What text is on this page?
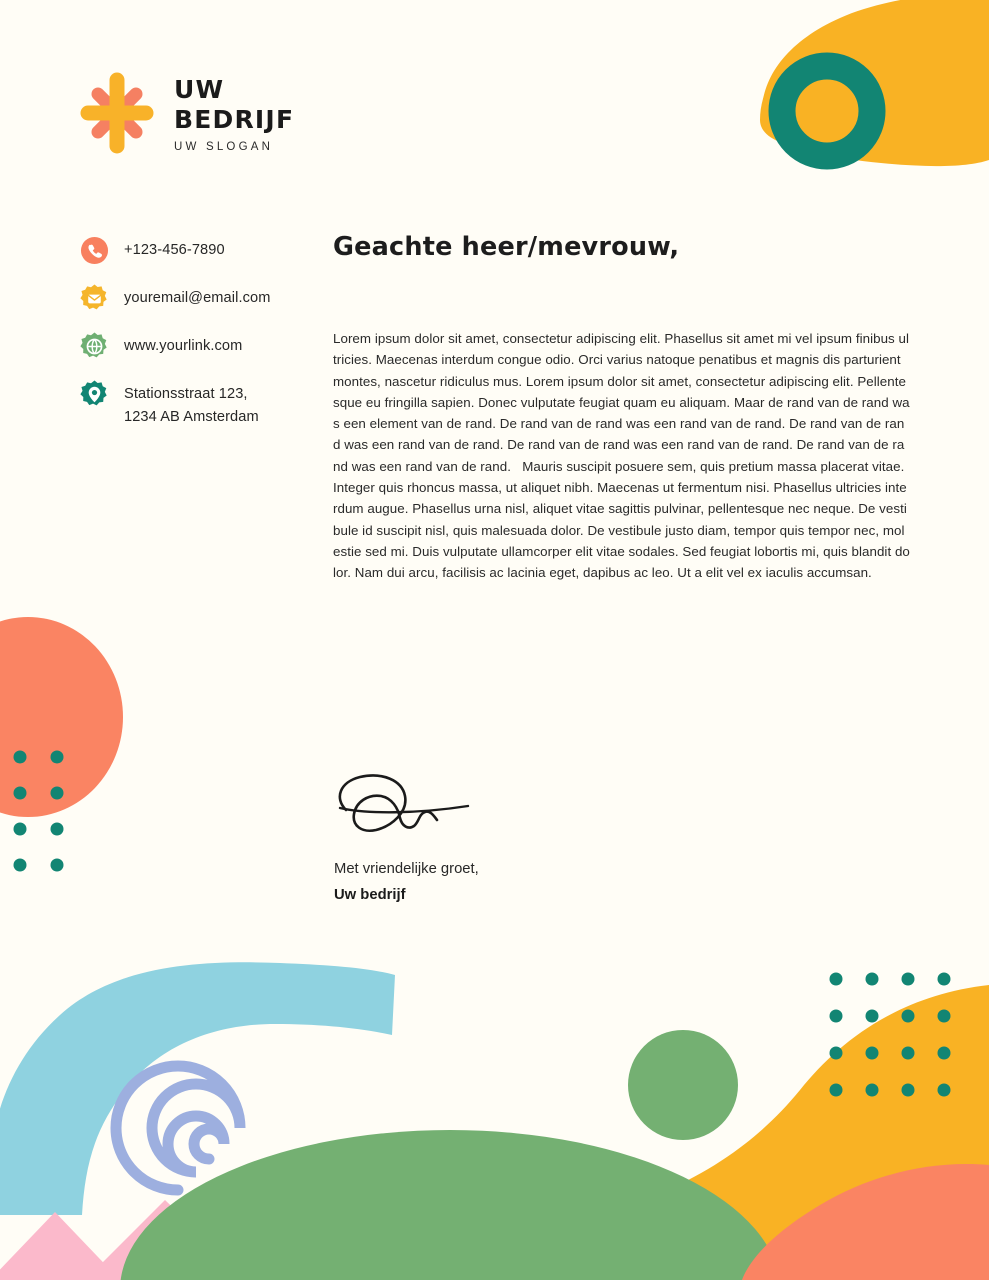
UW
BEDRIJF
UW SLOGAN
+123-456-7890
youremail@email.com
www.yourlink.com
Stationsstraat 123,
1234 AB Amsterdam
Geachte heer/mevrouw,
Lorem ipsum dolor sit amet, consectetur adipiscing elit. Phasellus sit amet mi vel ipsum finibus ultricies. Maecenas interdum congue odio. Orci varius natoque penatibus et magnis dis parturient montes, nascetur ridiculus mus. Lorem ipsum dolor sit amet, consectetur adipiscing elit. Pellentesque eu fringilla sapien. Donec vulputate feugiat quam eu aliquam. Maar de rand van de rand was een element van de rand. De rand van de rand was een rand van de rand. De rand van de rand was een rand van de rand. De rand van de rand was een rand van de rand. De rand van de rand was een rand van de rand.   Mauris suscipit posuere sem, quis pretium massa placerat vitae. Integer quis rhoncus massa, ut aliquet nibh. Maecenas ut fermentum nisi. Phasellus ultricies interdum augue. Phasellus urna nisl, aliquet vitae sagittis pulvinar, pellentesque nec neque. De vestibule id suscipit nisl, quis malesuada dolor. De vestibule justo diam, tempor quis tempor nec, molestie sed mi. Duis vulputate ullamcorper elit vitae sodales. Sed feugiat lobortis mi, quis blandit dolor. Nam dui arcu, facilisis ac lacinia eget, dapibus ac leo. Ut a elit vel ex iaculis accumsan.
Met vriendelijke groet,
Uw bedrijf
